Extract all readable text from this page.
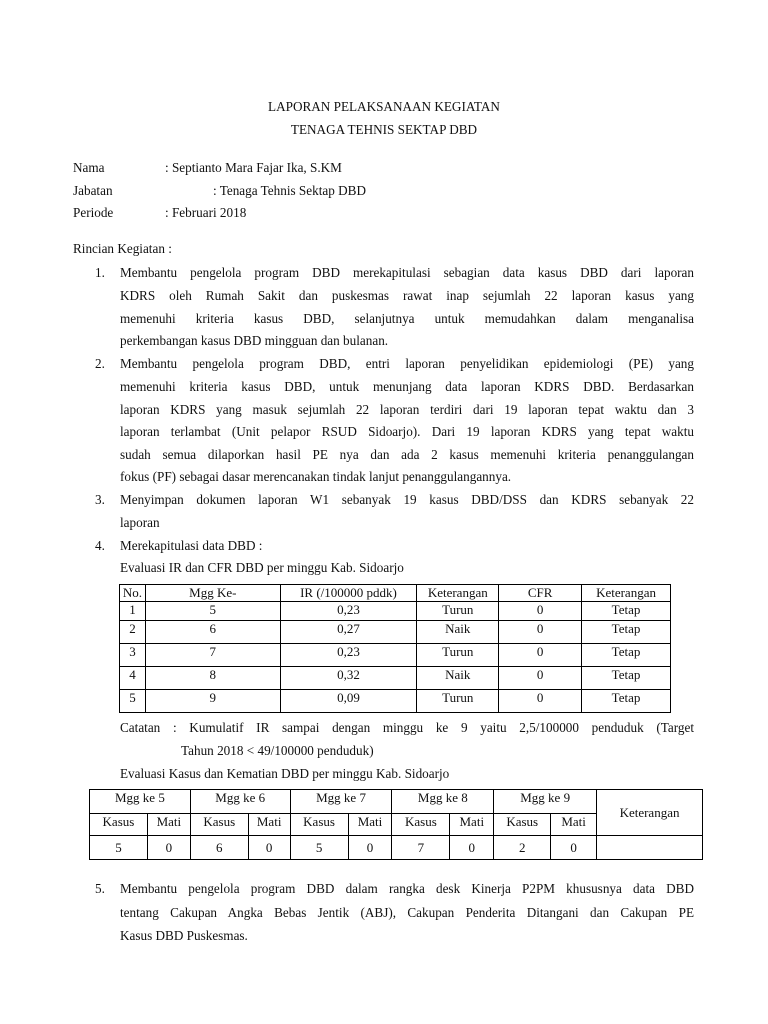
LAPORAN PELAKSANAAN KEGIATAN
TENAGA TEHNIS SEKTAP DBD
Nama	: Septianto Mara Fajar Ika, S.KM
Jabatan	: Tenaga Tehnis Sektap DBD
Periode	: Februari 2018
Rincian Kegiatan :
1. Membantu pengelola program DBD merekapitulasi sebagian data kasus DBD dari laporan
KDRS oleh Rumah Sakit dan puskesmas rawat inap sejumlah 22 laporan kasus yang
memenuhi kriteria kasus DBD, selanjutnya untuk memudahkan dalam menganalisa
perkembangan kasus DBD mingguan dan bulanan.
2. Membantu pengelola program DBD, entri laporan penyelidikan epidemiologi (PE) yang
memenuhi kriteria kasus DBD, untuk menunjang data laporan KDRS DBD. Berdasarkan
laporan KDRS yang masuk sejumlah 22 laporan terdiri dari 19 laporan tepat waktu dan 3
laporan terlambat (Unit pelapor RSUD Sidoarjo). Dari 19 laporan KDRS yang tepat waktu
sudah semua dilaporkan hasil PE nya dan ada 2 kasus memenuhi kriteria penanggulangan
fokus (PF) sebagai dasar merencanakan tindak lanjut penanggulangannya.
3. Menyimpan dokumen laporan W1 sebanyak 19 kasus DBD/DSS dan KDRS sebanyak 22
laporan
4. Merekapitulasi data DBD :
Evaluasi IR dan CFR DBD per minggu Kab. Sidoarjo
No.	Mgg Ke-	IR (/100000 pddk)	Keterangan	CFR	Keterangan
1	5	0,23	Turun	0	Tetap
2	6	0,27	Naik	0	Tetap
3	7	0,23	Turun	0	Tetap
4	8	0,32	Naik	0	Tetap
5	9	0,09	Turun	0	Tetap
Catatan : Kumulatif IR sampai dengan minggu ke 9 yaitu 2,5/100000 penduduk (Target
Tahun 2018 < 49/100000 penduduk)
Evaluasi Kasus dan Kematian DBD per minggu Kab. Sidoarjo
Mgg ke 5		Mgg ke 6		Mgg ke 7		Mgg ke 8		Mgg ke 9		Keterangan
Kasus	Mati	Kasus	Mati	Kasus	Mati	Kasus	Mati	Kasus	Mati	
5	0	6	0	5	0	7	0	2	0	
5. Membantu pengelola program DBD dalam rangka desk Kinerja P2PM khususnya data DBD
tentang Cakupan Angka Bebas Jentik (ABJ), Cakupan Penderita Ditangani dan Cakupan PE
Kasus DBD Puskesmas.
